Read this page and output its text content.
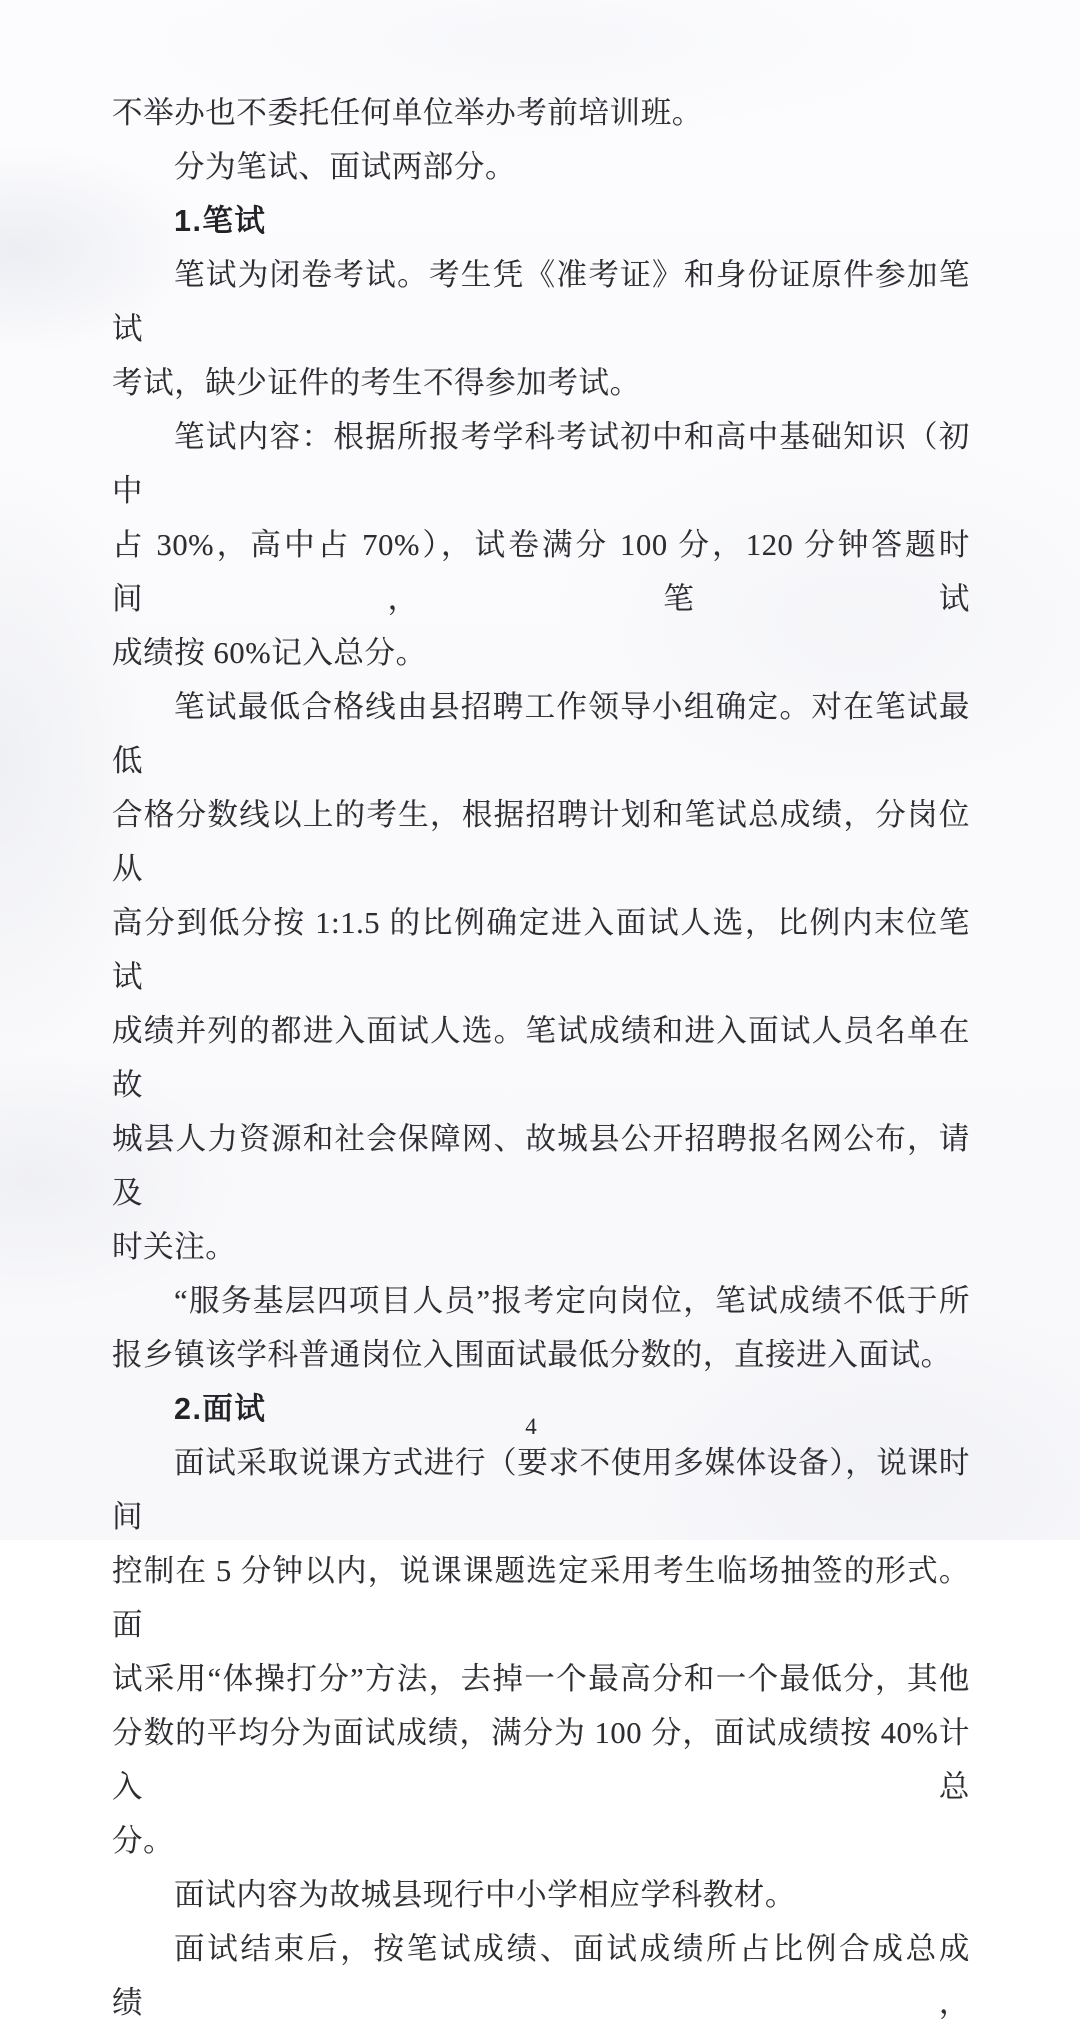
不举办也不委托任何单位举办考前培训班。
分为笔试、面试两部分。
1.笔试
笔试为闭卷考试。考生凭《准考证》和身份证原件参加笔试
考试，缺少证件的考生不得参加考试。
笔试内容：根据所报考学科考试初中和高中基础知识（初中
占 30%，高中占 70%），试卷满分 100 分，120 分钟答题时间，笔试
成绩按 60%记入总分。
笔试最低合格线由县招聘工作领导小组确定。对在笔试最低
合格分数线以上的考生，根据招聘计划和笔试总成绩，分岗位从
高分到低分按 1:1.5 的比例确定进入面试人选，比例内末位笔试
成绩并列的都进入面试人选。笔试成绩和进入面试人员名单在故
城县人力资源和社会保障网、故城县公开招聘报名网公布，请及
时关注。
“服务基层四项目人员”报考定向岗位，笔试成绩不低于所
报乡镇该学科普通岗位入围面试最低分数的，直接进入面试。
2.面试
面试采取说课方式进行（要求不使用多媒体设备），说课时间
控制在 5 分钟以内，说课课题选定采用考生临场抽签的形式。面
试采用“体操打分”方法，去掉一个最高分和一个最低分，其他
分数的平均分为面试成绩，满分为 100 分，面试成绩按 40%计入总
分。
面试内容为故城县现行中小学相应学科教材。
面试结束后，按笔试成绩、面试成绩所占比例合成总成绩，
4
